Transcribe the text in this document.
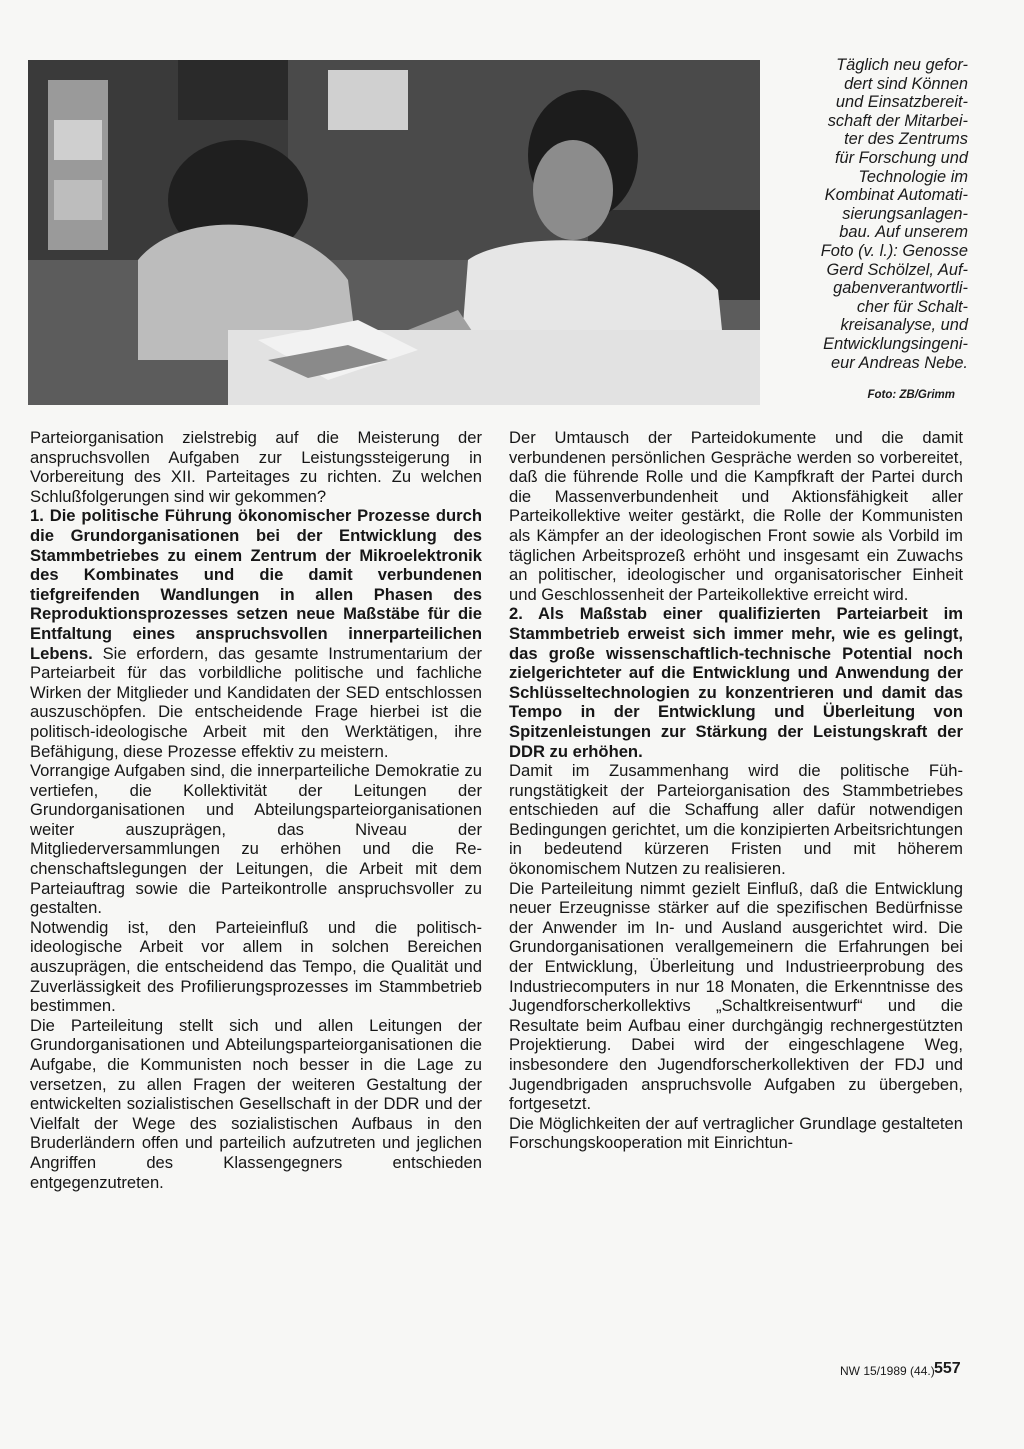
Täglich neu gefor-
dert sind Können
und Einsatzbereit-
schaft der Mitarbei-
ter des Zentrums
für Forschung und
Technologie im
Kombinat Automati-
sierungsanlagen-
bau. Auf unserem
Foto (v. l.): Genosse
Gerd Schölzel, Auf-
gabenverantwortli-
cher für Schalt-
kreisanalyse, und
Entwicklungsingeni-
eur Andreas Nebe.
Foto: ZB/Grimm

Parteiorganisation zielstrebig auf die Meisterung der anspruchsvollen Aufgaben zur Leistungssteigerung in Vorbereitung des XII. Parteitages zu richten. Zu welchen Schlußfolgerungen sind wir gekommen?

1. Die politische Führung ökonomischer Prozesse durch die Grundorganisationen bei der Entwicklung des Stammbetriebes zu einem Zentrum der Mikroelektronik des Kombinates und die damit verbundenen tiefgreifenden Wandlungen in allen Phasen des Reproduktionsprozesses setzen neue Maßstäbe für die Entfaltung eines anspruchsvollen innerparteilichen Lebens. Sie erfordern, das gesamte Instrumentarium der Parteiarbeit für das vorbildliche politische und fachliche Wirken der Mitglieder und Kandidaten der SED entschlossen auszuschöpfen. Die entscheidende Frage hierbei ist die politisch-ideologische Arbeit mit den Werktätigen, ihre Befähigung, diese Prozesse effektiv zu meistern.

Vorrangige Aufgaben sind, die innerparteiliche Demokratie zu vertiefen, die Kollektivität der Leitungen der Grundorganisationen und Abteilungsparteiorganisationen weiter auszuprägen, das Niveau der Mitgliederversammlungen zu erhöhen und die Rechenschaftslegungen der Leitungen, die Arbeit mit dem Parteiauftrag sowie die Parteikontrolle anspruchsvoller zu gestalten.

Notwendig ist, den Parteieinfluß und die politisch-ideologische Arbeit vor allem in solchen Bereichen auszuprägen, die entscheidend das Tempo, die Qualität und Zuverlässigkeit des Profilierungsprozesses im Stammbetrieb bestimmen.

Die Parteileitung stellt sich und allen Leitungen der Grundorganisationen und Abteilungsparteiorganisationen die Aufgabe, die Kommunisten noch besser in die Lage zu versetzen, zu allen Fragen der weiteren Gestaltung der entwickelten sozialistischen Gesellschaft in der DDR und der Vielfalt der Wege des sozialistischen Aufbaus in den Bruderländern offen und parteilich aufzutreten und jeglichen Angriffen des Klassengegners entschieden entgegenzutreten.

Der Umtausch der Parteidokumente und die damit verbundenen persönlichen Gespräche werden so vorbereitet, daß die führende Rolle und die Kampfkraft der Partei durch die Massenverbundenheit und Aktionsfähigkeit aller Parteikollektive weiter gestärkt, die Rolle der Kommunisten als Kämpfer an der ideologischen Front sowie als Vorbild im täglichen Arbeitsprozeß erhöht und insgesamt ein Zuwachs an politischer, ideologischer und organisatorischer Einheit und Geschlossenheit der Parteikollektive erreicht wird.

2. Als Maßstab einer qualifizierten Parteiarbeit im Stammbetrieb erweist sich immer mehr, wie es gelingt, das große wissenschaftlich-technische Potential noch zielgerichteter auf die Entwicklung und Anwendung der Schlüsseltechnologien zu konzentrieren und damit das Tempo in der Entwicklung und Überleitung von Spitzenleistungen zur Stärkung der Leistungskraft der DDR zu erhöhen.

Damit im Zusammenhang wird die politische Führungstätigkeit der Parteiorganisation des Stammbetriebes entschieden auf die Schaffung aller dafür notwendigen Bedingungen gerichtet, um die konzipierten Arbeitsrichtungen in bedeutend kürzeren Fristen und mit höherem ökonomischem Nutzen zu realisieren.

Die Parteileitung nimmt gezielt Einfluß, daß die Entwicklung neuer Erzeugnisse stärker auf die spezifischen Bedürfnisse der Anwender im In- und Ausland ausgerichtet wird. Die Grundorganisationen verallgemeinern die Erfahrungen bei der Entwicklung, Überleitung und Industrieerprobung des Industriecomputers in nur 18 Monaten, die Erkenntnisse des Jugendforscherkollektivs „Schaltkreisentwurf“ und die Resultate beim Aufbau einer durchgängig rechnergestützten Projektierung. Dabei wird der eingeschlagene Weg, insbesondere den Jugendforscherkollektiven der FDJ und Jugendbrigaden anspruchsvolle Aufgaben zu übergeben, fortgesetzt.

Die Möglichkeiten der auf vertraglicher Grundlage gestalteten Forschungskooperation mit Einrichtun-

NW 15/1989 (44.) 557
